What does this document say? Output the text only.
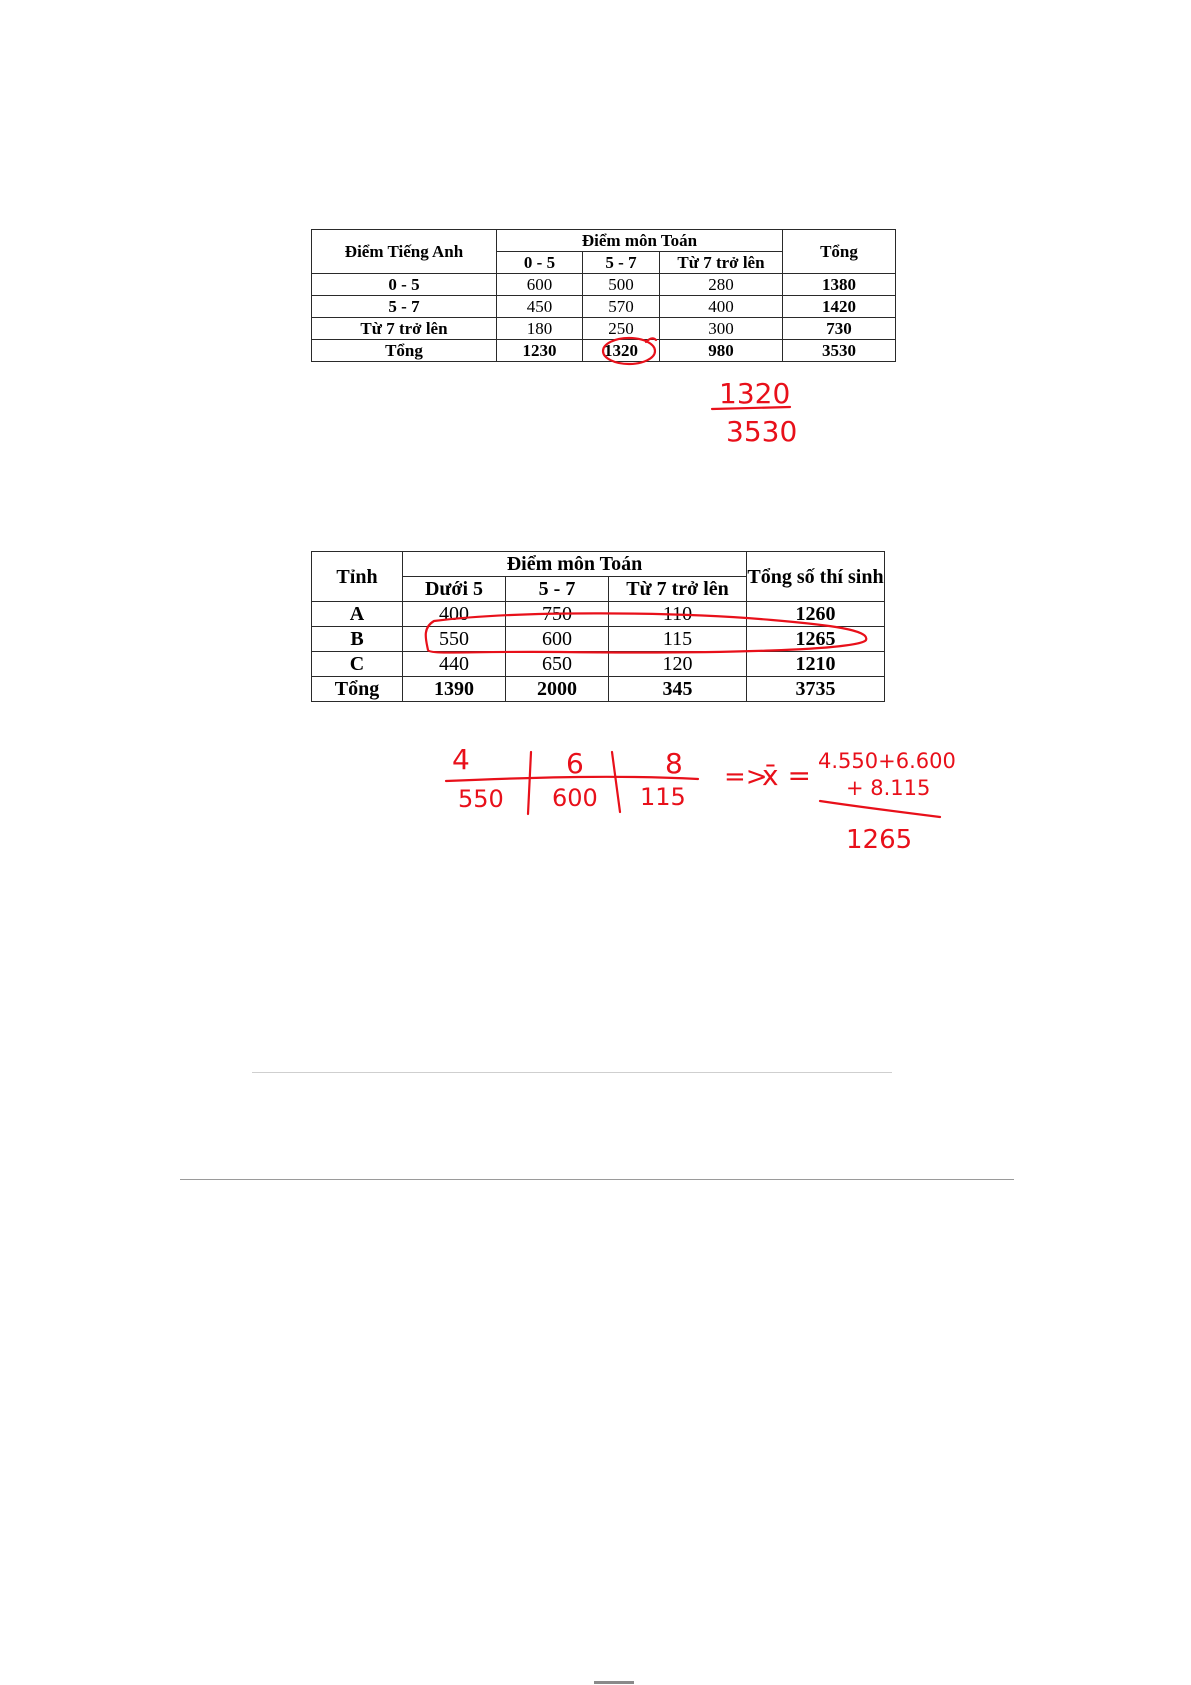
Điểm Tiếng Anh	Điểm môn Toán			Tổng
	0 - 5	5 - 7	Từ 7 trở lên	
0 - 5	600	500	280	1380
5 - 7	450	570	400	1420
Từ 7 trở lên	180	250	300	730
Tổng	1230	1320	980	3530
Tỉnh	Điểm môn Toán			Tổng số thí sinh
	Dưới 5	5 - 7	Từ 7 trở lên	
A	400	750	110	1260
B	550	600	115	1265
C	440	650	120	1210
Tổng	1390	2000	345	3735
1320
3530
4	6	8
550 600 115
=>
x̄ = 4.550+6.600
+ 8.115
1265
